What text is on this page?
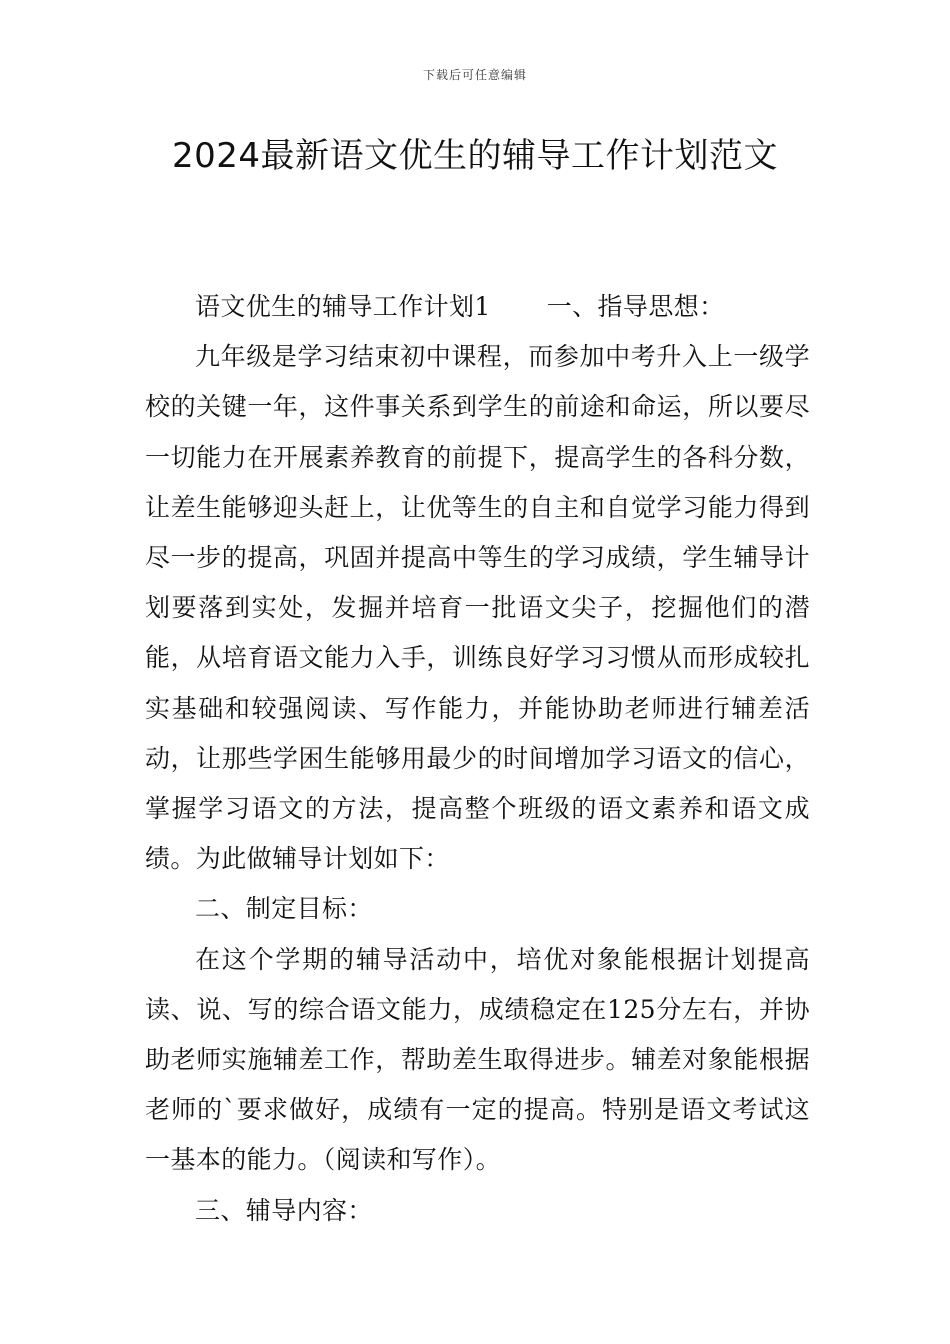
下载后可任意编辑
2024最新语文优生的辅导工作计划范文

语文优生的辅导工作计划1 一、指导思想：

九年级是学习结束初中课程，而参加中考升入上一级学校的关键一年，这件事关系到学生的前途和命运，所以要尽一切能力在开展素养教育的前提下，提高学生的各科分数，让差生能够迎头赶上，让优等生的自主和自觉学习能力得到尽一步的提高，巩固并提高中等生的学习成绩，学生辅导计划要落到实处，发掘并培育一批语文尖子，挖掘他们的潜能，从培育语文能力入手，训练良好学习习惯从而形成较扎实基础和较强阅读、写作能力，并能协助老师进行辅差活动，让那些学困生能够用最少的时间增加学习语文的信心，掌握学习语文的方法，提高整个班级的语文素养和语文成绩。为此做辅导计划如下：

二、制定目标：

在这个学期的辅导活动中，培优对象能根据计划提高读、说、写的综合语文能力，成绩稳定在125分左右，并协助老师实施辅差工作，帮助差生取得进步。辅差对象能根据老师的`要求做好，成绩有一定的提高。特别是语文考试这一基本的能力。（阅读和写作）。

三、辅导内容：
